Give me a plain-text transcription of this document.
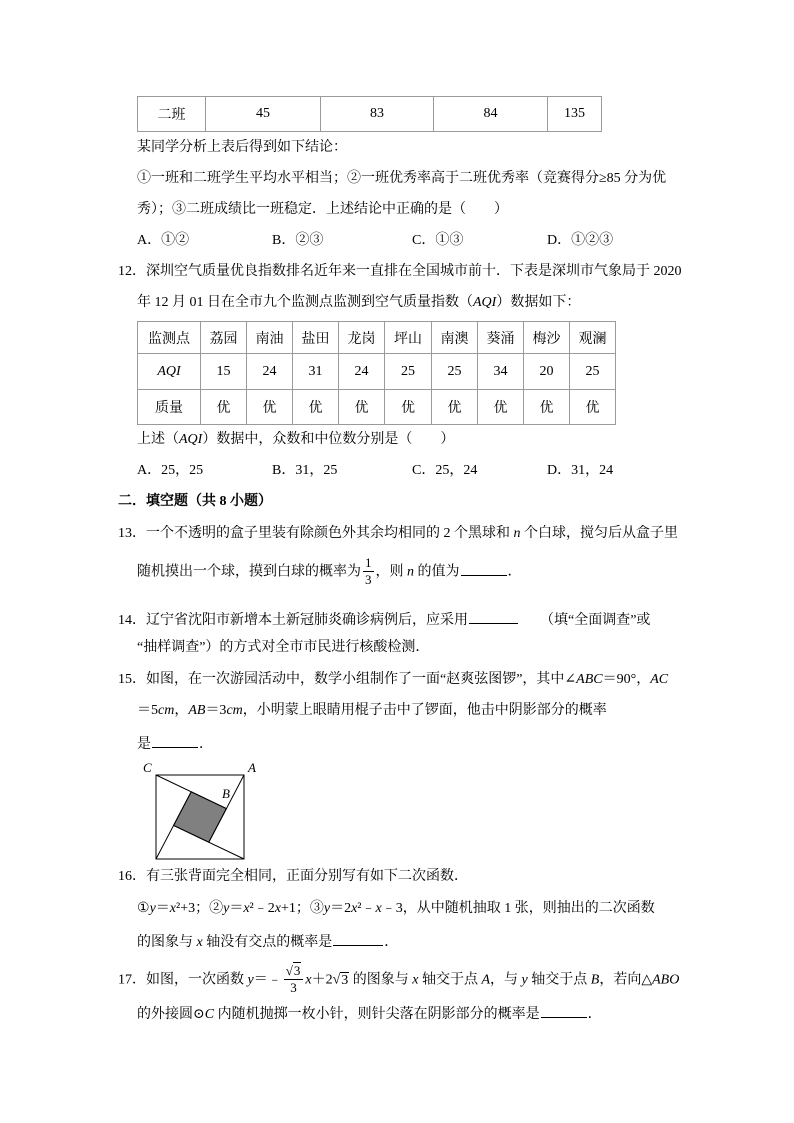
二班	45	83	84	135
某同学分析上表后得到如下结论：
①一班和二班学生平均水平相当；②一班优秀率高于二班优秀率（竞赛得分≥85 分为优
秀）；③二班成绩比一班稳定．上述结论中正确的是（　　）
A．①②	B．②③	C．①③	D．①②③
12．深圳空气质量优良指数排名近年来一直排在全国城市前十．下表是深圳市气象局于 2020
年 12 月 01 日在全市九个监测点监测到空气质量指数（AQI）数据如下：
监测点	荔园	南油	盐田	龙岗	坪山	南澳	葵涌	梅沙	观澜
AQI	15	24	31	24	25	25	34	20	25
质量	优	优	优	优	优	优	优	优	优
上述（AQI）数据中，众数和中位数分别是（　　）
A．25，25	B．31，25	C．25，24	D．31，24
二．填空题（共 8 小题）
13．一个不透明的盒子里装有除颜色外其余均相同的 2 个黑球和 n 个白球，搅匀后从盒子里
随机摸出一个球，摸到白球的概率为 $\frac{1}{3}$ ，则 n 的值为	．
14．辽宁省沈阳市新增本土新冠肺炎确诊病例后，应采用	　　（填“全面调查”或
“抽样调查”）的方式对全市市民进行核酸检测．
15．如图，在一次游园活动中，数学小组制作了一面“赵爽弦图锣”，其中∠ABC＝90°，AC
＝5cm，AB＝3cm，小明蒙上眼睛用棍子击中了锣面，他击中阴影部分的概率
是	．
C	A
B
16．有三张背面完全相同，正面分别写有如下二次函数．
①y＝x²+3；②y＝x²﹣2x+1；③y＝2x²﹣x﹣3，从中随机抽取 1 张，则抽出的二次函数
的图象与 x 轴没有交点的概率是	．
17．如图，一次函数 y＝﹣ $\frac{√3}{3} x+2√3$ 的图象与 x 轴交于点 A，与 y 轴交于点 B，若向△ABO
的外接圆⊙C 内随机抛掷一枚小针，则针尖落在阴影部分的概率是	．
